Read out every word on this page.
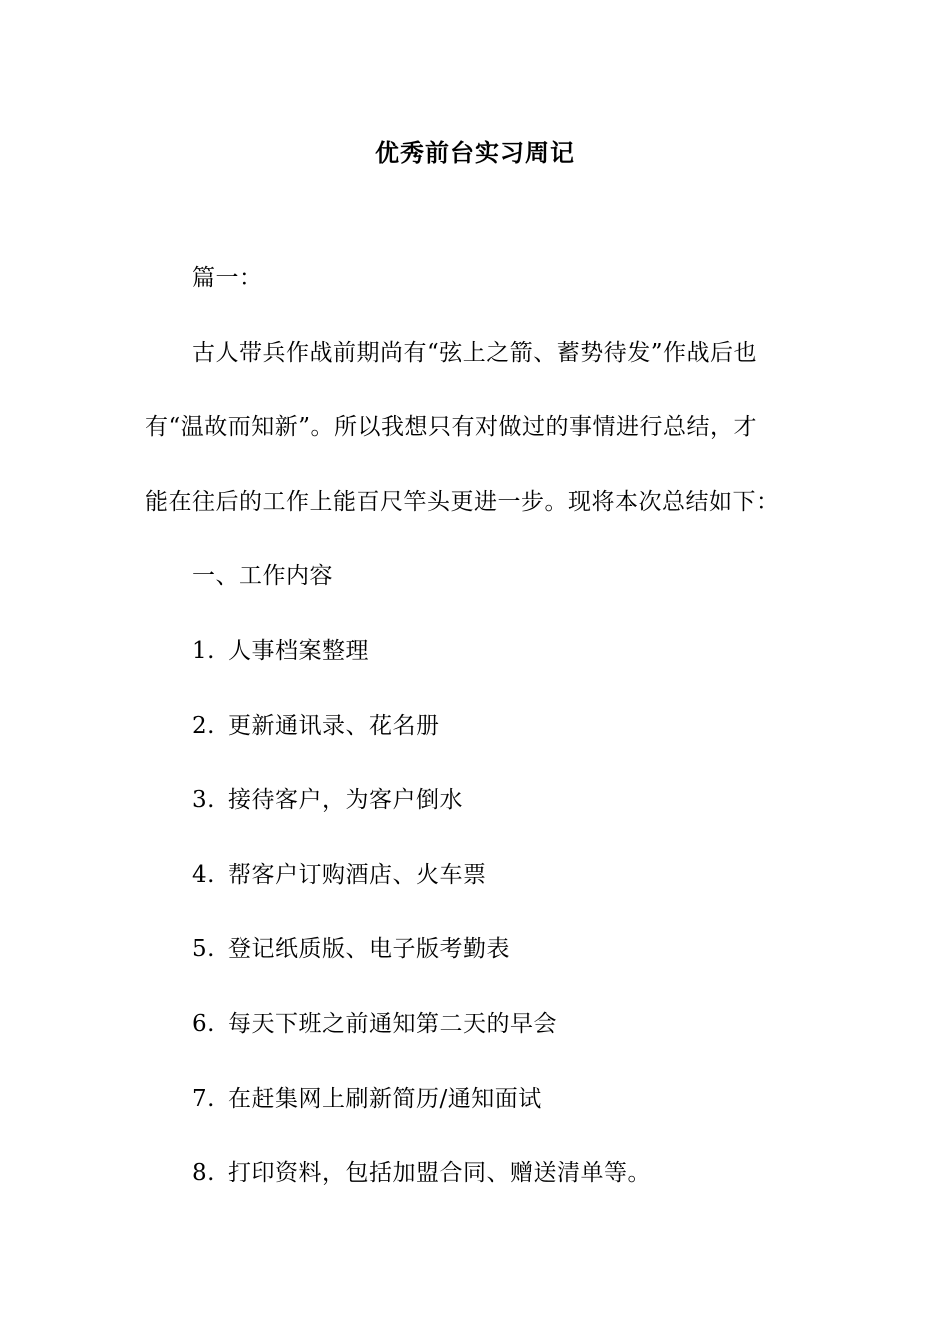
优秀前台实习周记
篇一：
古人带兵作战前期尚有“弦上之箭、蓄势待发”作战后也
有“温故而知新”。所以我想只有对做过的事情进行总结，才
能在往后的工作上能百尺竿头更进一步。现将本次总结如下：
一、工作内容
1. 人事档案整理
2. 更新通讯录、花名册
3. 接待客户，为客户倒水
4. 帮客户订购酒店、火车票
5. 登记纸质版、电子版考勤表
6. 每天下班之前通知第二天的早会
7. 在赶集网上刷新简历/通知面试
8. 打印资料，包括加盟合同、赠送清单等。
